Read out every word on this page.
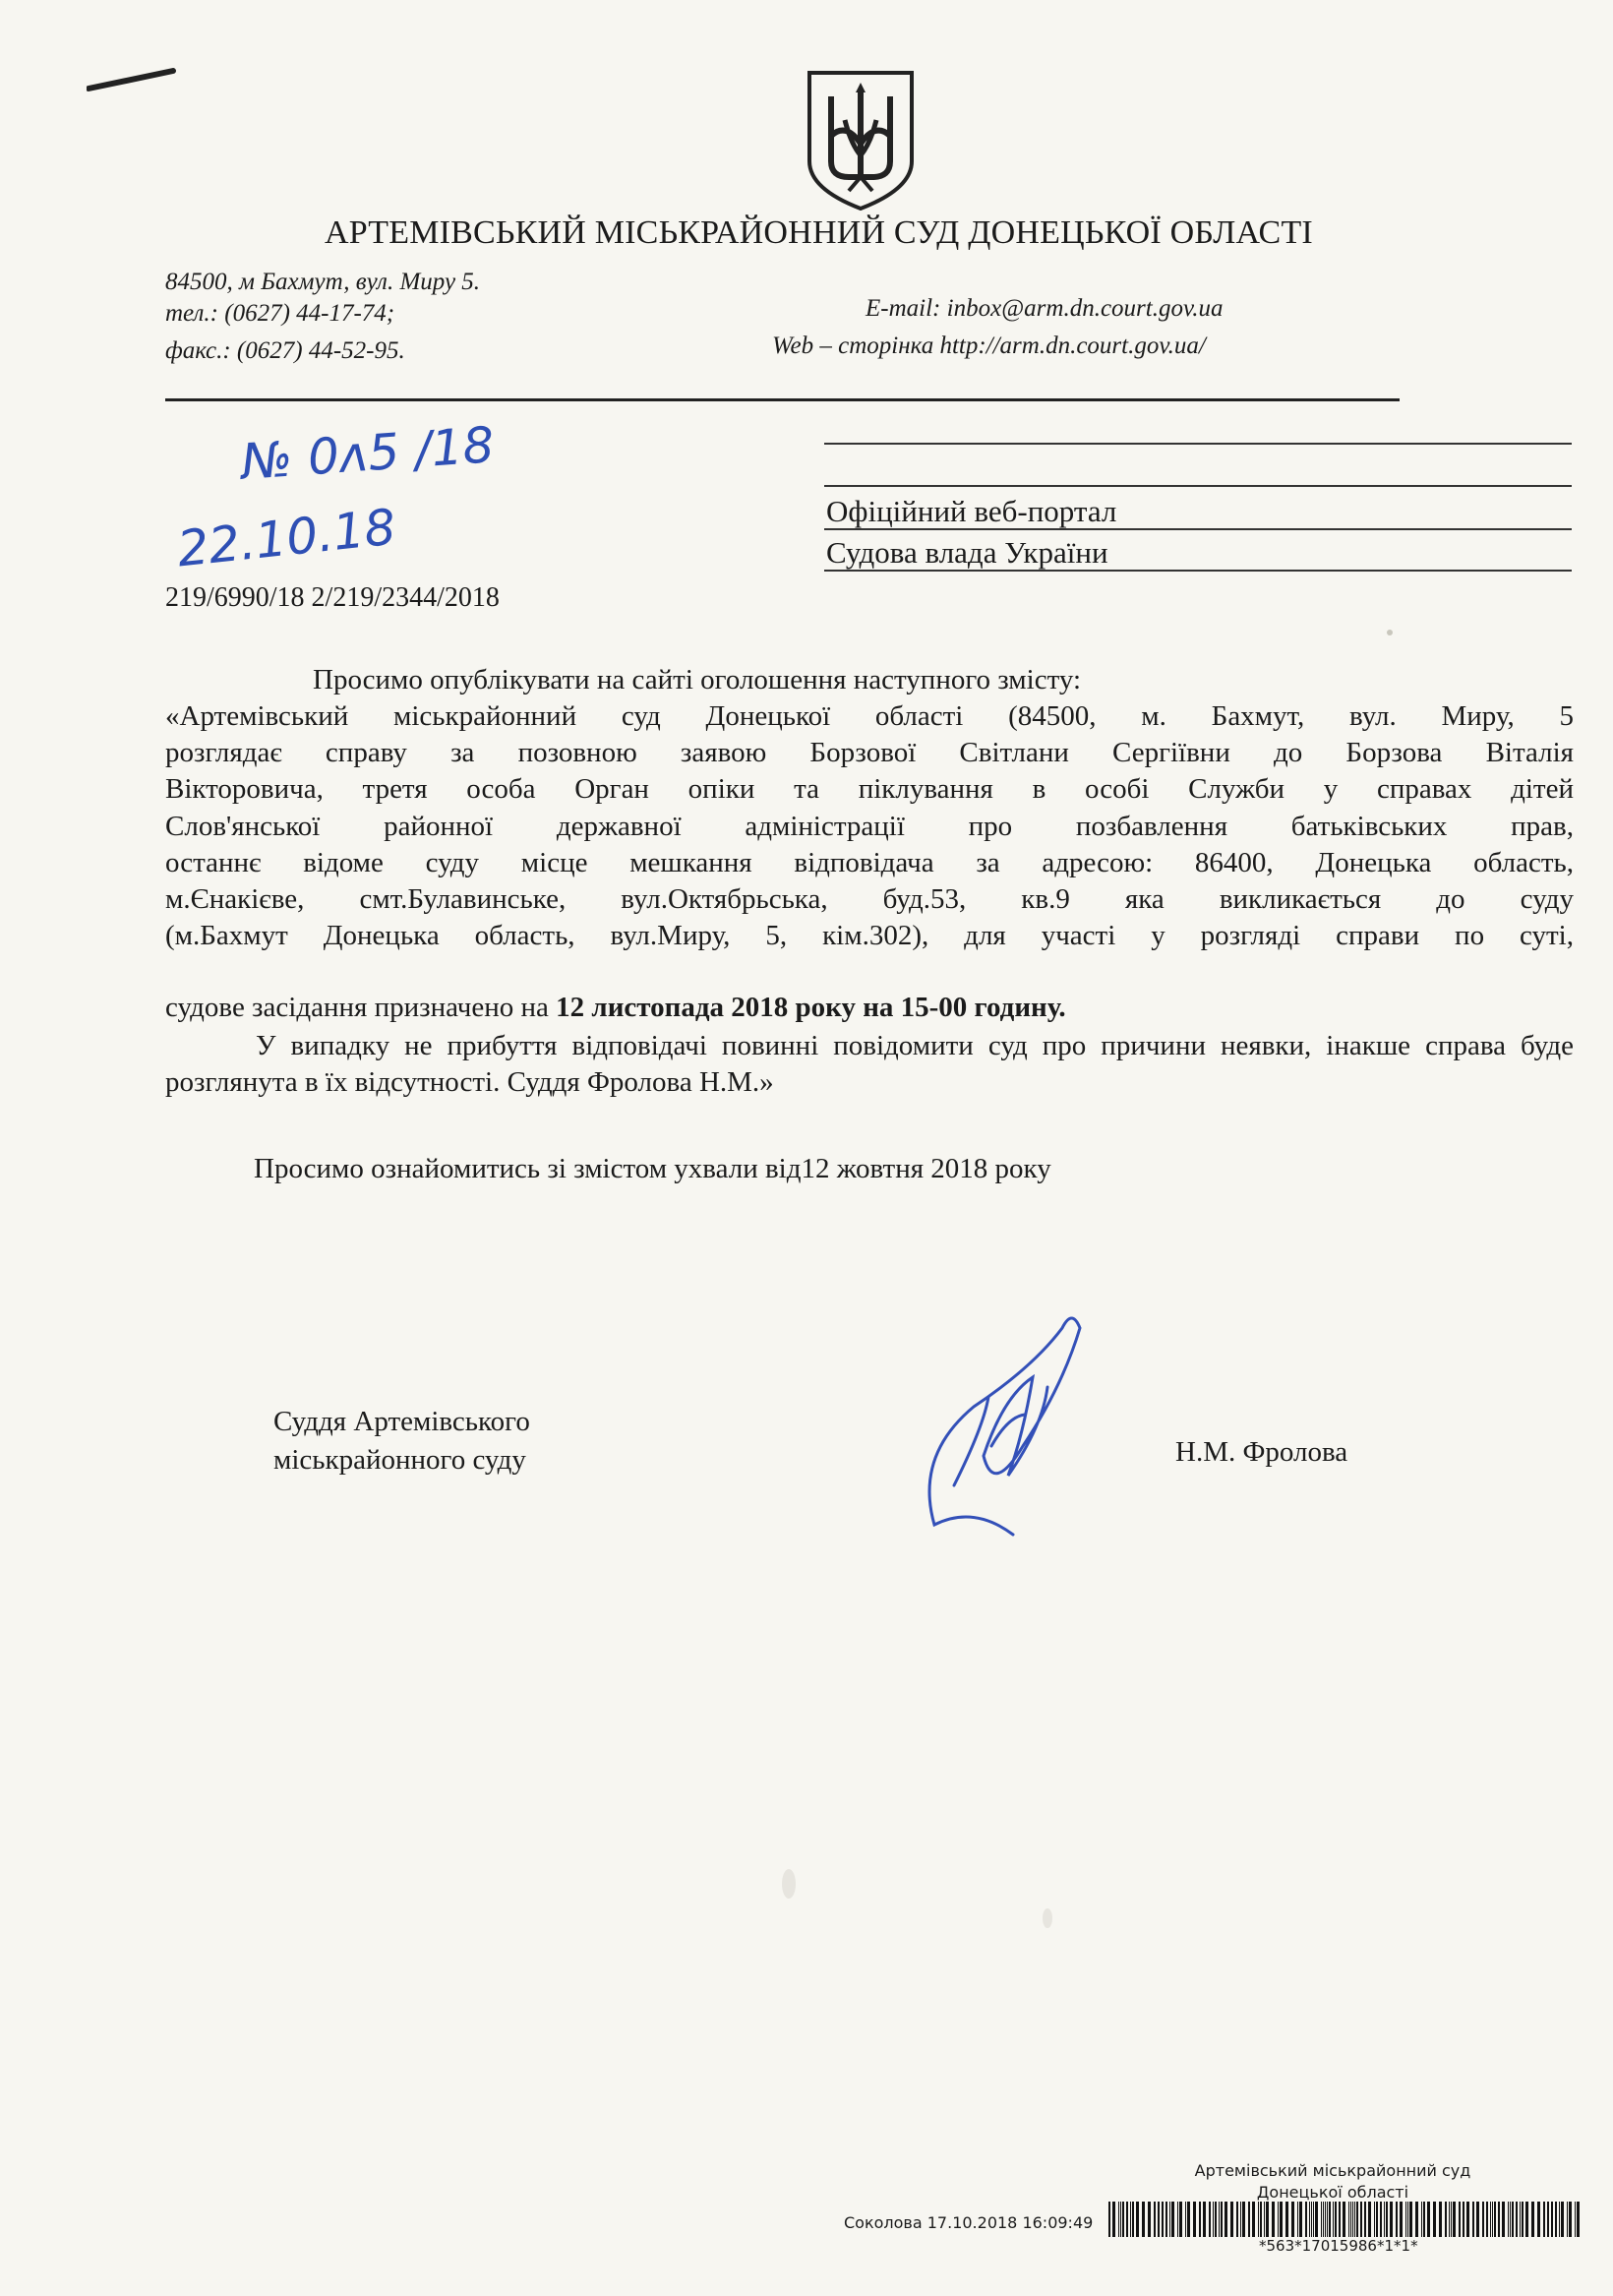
АРТЕМІВСЬКИЙ МІСЬКРАЙОННИЙ СУД ДОНЕЦЬКОЇ ОБЛАСТІ
84500, м Бахмут, вул. Миру 5.
тел.: (0627) 44-17-74;
факс.: (0627) 44-52-95.
E-mail: inbox@arm.dn.court.gov.ua
Web – сторінка http://arm.dn.court.gov.ua/
№ 0ᴧ5 /18
22.10.18	Офіційний веб-портал
Судова влада України
219/6990/18 2/219/2344/2018
Просимо опублікувати на сайті оголошення наступного змісту:
«Артемівський міськрайонний суд Донецької області (84500, м. Бахмут, вул. Миру, 5
розглядає справу за позовною заявою Борзової Світлани Сергіївни до Борзова Віталія
Вікторовича, третя особа Орган опіки та піклування в особі Служби у справах дітей
Слов'янської районної державної адміністрації про позбавлення батьківських прав,
останнє відоме суду місце мешкання відповідача за адресою: 86400, Донецька область,
м.Єнакієве, смт.Булавинське, вул.Октябрьська, буд.53, кв.9 яка викликається до суду
(м.Бахмут Донецька область, вул.Миру, 5, кім.302), для участі у розгляді справи по суті,
судове засідання призначено на 12 листопада 2018 року на 15-00 годину.
У випадку не прибуття відповідачі повинні повідомити суд про причини неявки, інакше справа буде розглянута в їх відсутності. Суддя Фролова Н.М.»
Просимо ознайомитись зі змістом ухвали від12 жовтня 2018 року
Суддя Артемівського
міськрайонного суду	Н.М. Фролова
Артемівський міськрайонний суд
Донецької області
Соколова 17.10.2018 16:09:49
*563*17015986*1*1*
